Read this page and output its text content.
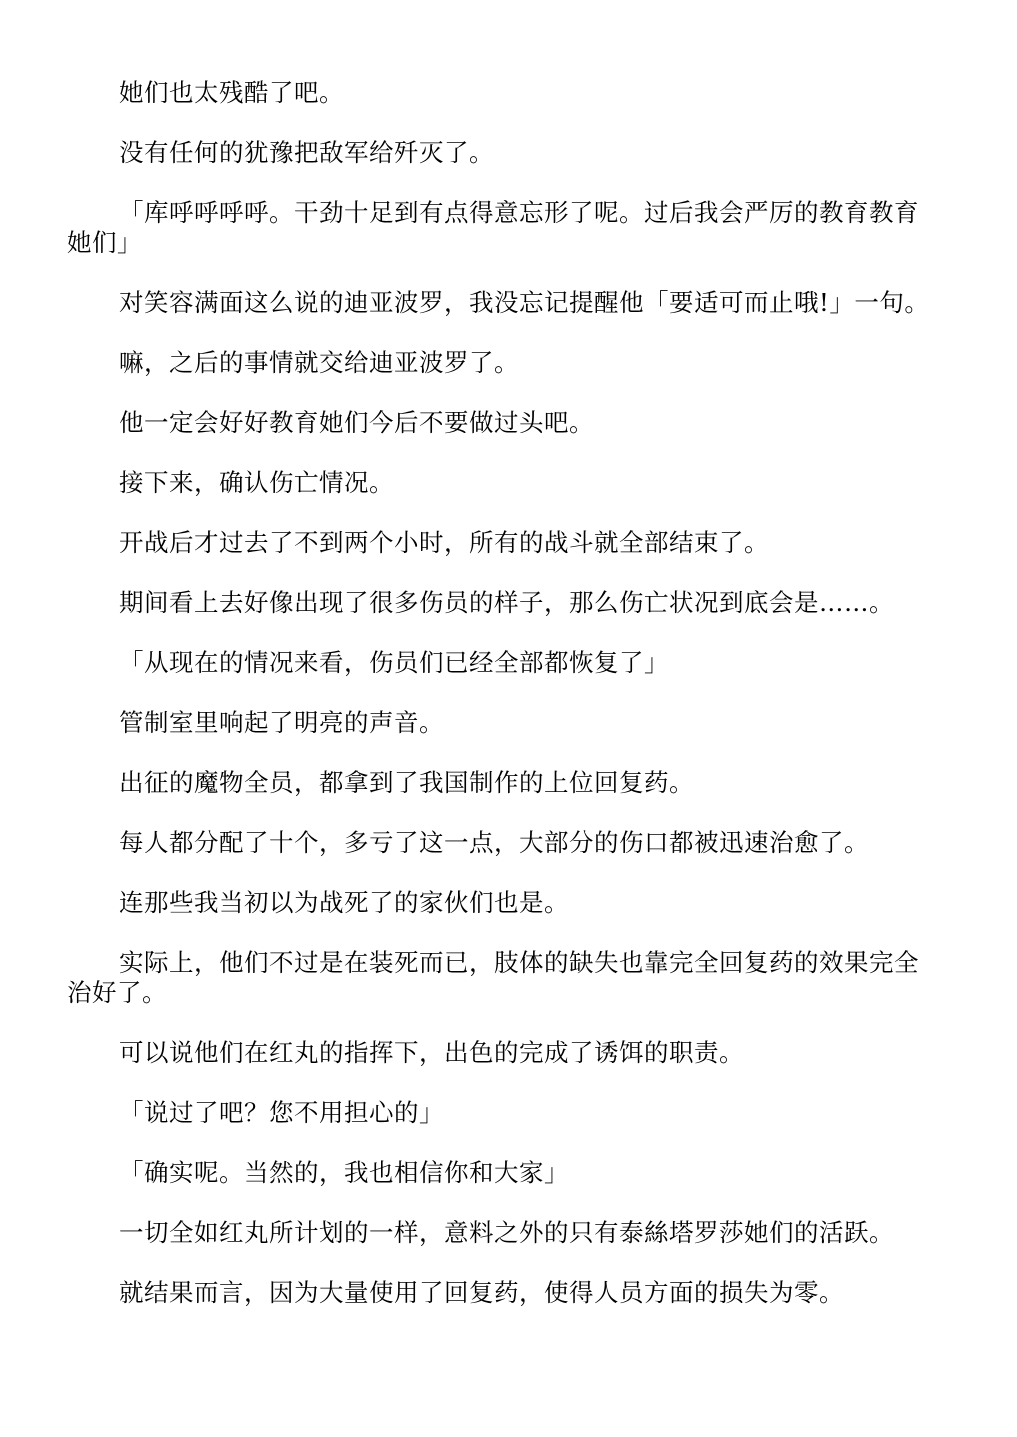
她们也太残酷了吧。

没有任何的犹豫把敌军给歼灭了。

「库呼呼呼呼。干劲十足到有点得意忘形了呢。过后我会严厉的教育教育她们」

对笑容满面这么说的迪亚波罗，我没忘记提醒他「要适可而止哦!」一句。

嘛，之后的事情就交给迪亚波罗了。

他一定会好好教育她们今后不要做过头吧。

接下来，确认伤亡情况。

开战后才过去了不到两个小时，所有的战斗就全部结束了。

期间看上去好像出现了很多伤员的样子，那么伤亡状况到底会是……。

「从现在的情况来看，伤员们已经全部都恢复了」

管制室里响起了明亮的声音。

出征的魔物全员，都拿到了我国制作的上位回复药。

每人都分配了十个，多亏了这一点，大部分的伤口都被迅速治愈了。

连那些我当初以为战死了的家伙们也是。

实际上，他们不过是在装死而已，肢体的缺失也靠完全回复药的效果完全治好了。

可以说他们在红丸的指挥下，出色的完成了诱饵的职责。

「说过了吧？您不用担心的」

「确实呢。当然的，我也相信你和大家」

一切全如红丸所计划的一样，意料之外的只有泰絲塔罗莎她们的活跃。

就结果而言，因为大量使用了回复药，使得人员方面的损失为零。
